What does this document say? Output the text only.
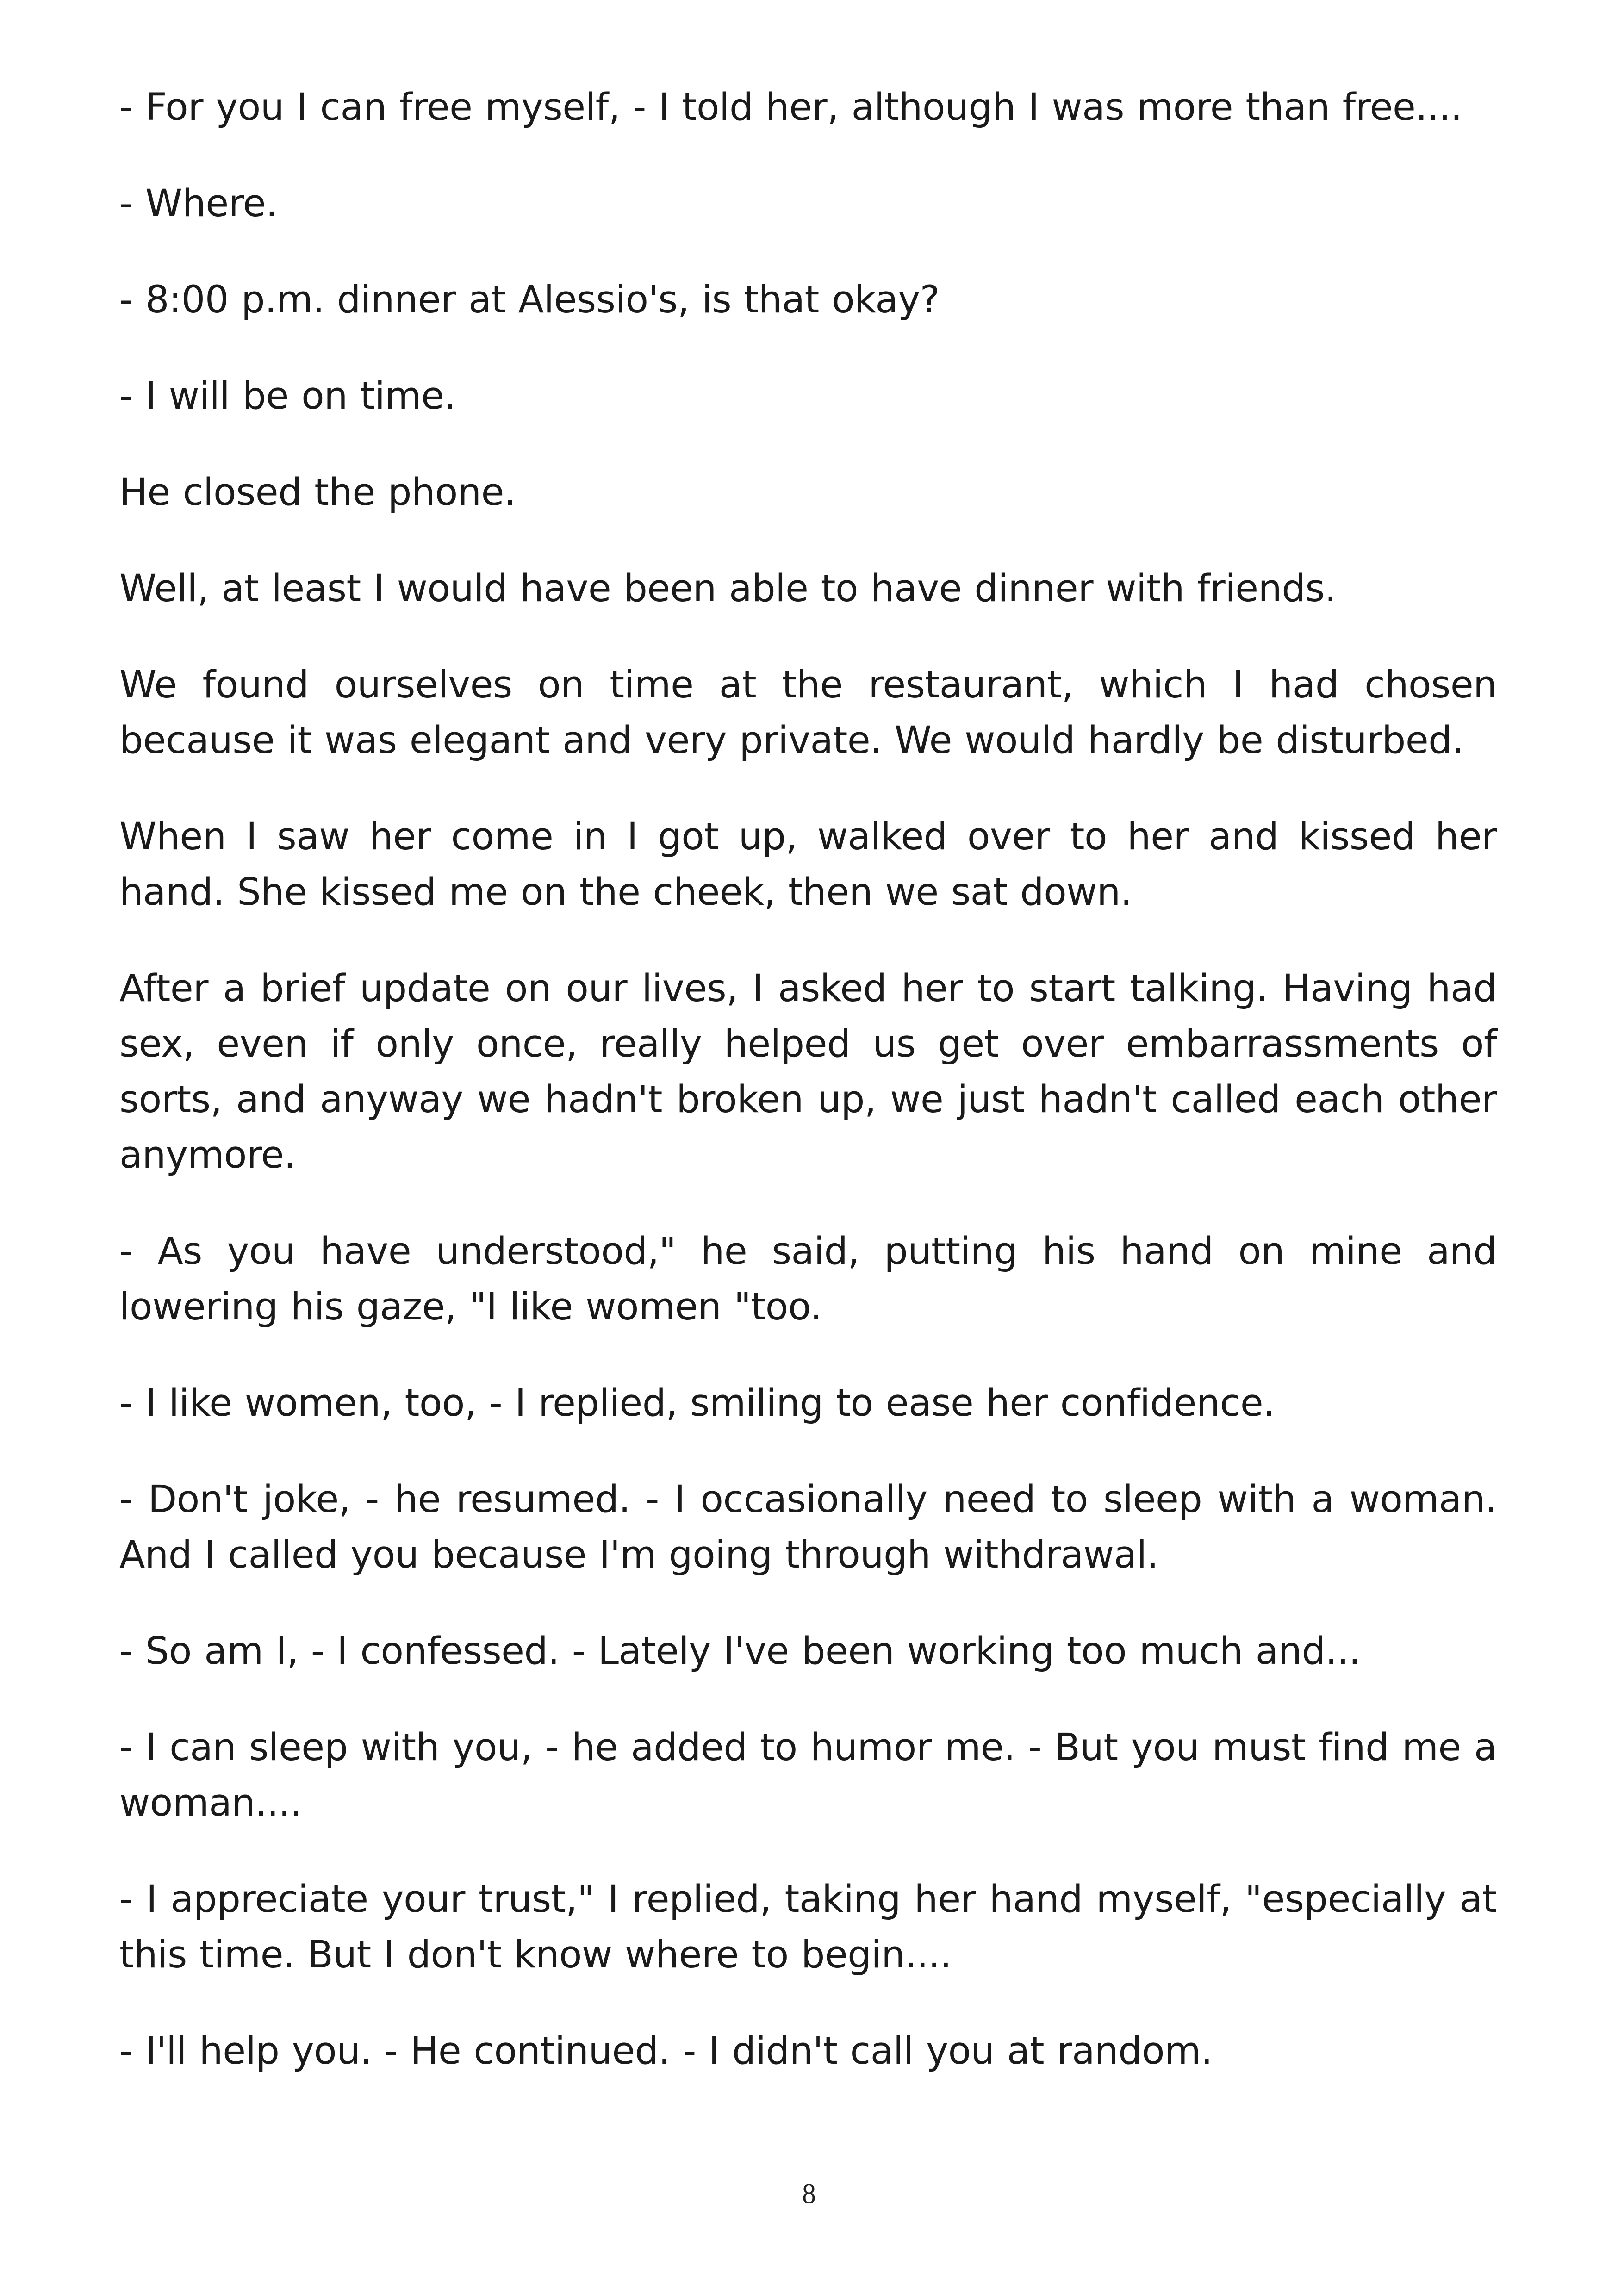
- For you I can free myself, - I told her, although I was more than free....

- Where.

- 8:00 p.m. dinner at Alessio's, is that okay?

- I will be on time.

He closed the phone.

Well, at least I would have been able to have dinner with friends.

We found ourselves on time at the restaurant, which I had chosen because it was elegant and very private. We would hardly be disturbed.

When I saw her come in I got up, walked over to her and kissed her hand. She kissed me on the cheek, then we sat down.

After a brief update on our lives, I asked her to start talking. Having had sex, even if only once, really helped us get over embarrassments of sorts, and anyway we hadn't broken up, we just hadn't called each other anymore.

- As you have understood," he said, putting his hand on mine and lowering his gaze, "I like women "too.

- I like women, too, - I replied, smiling to ease her confidence.

- Don't joke, - he resumed. - I occasionally need to sleep with a woman. And I called you because I'm going through withdrawal.

- So am I, - I confessed. - Lately I've been working too much and...

- I can sleep with you, - he added to humor me. - But you must find me a woman....

- I appreciate your trust," I replied, taking her hand myself, "especially at this time. But I don't know where to begin....

- I'll help you. - He continued. - I didn't call you at random.

8
